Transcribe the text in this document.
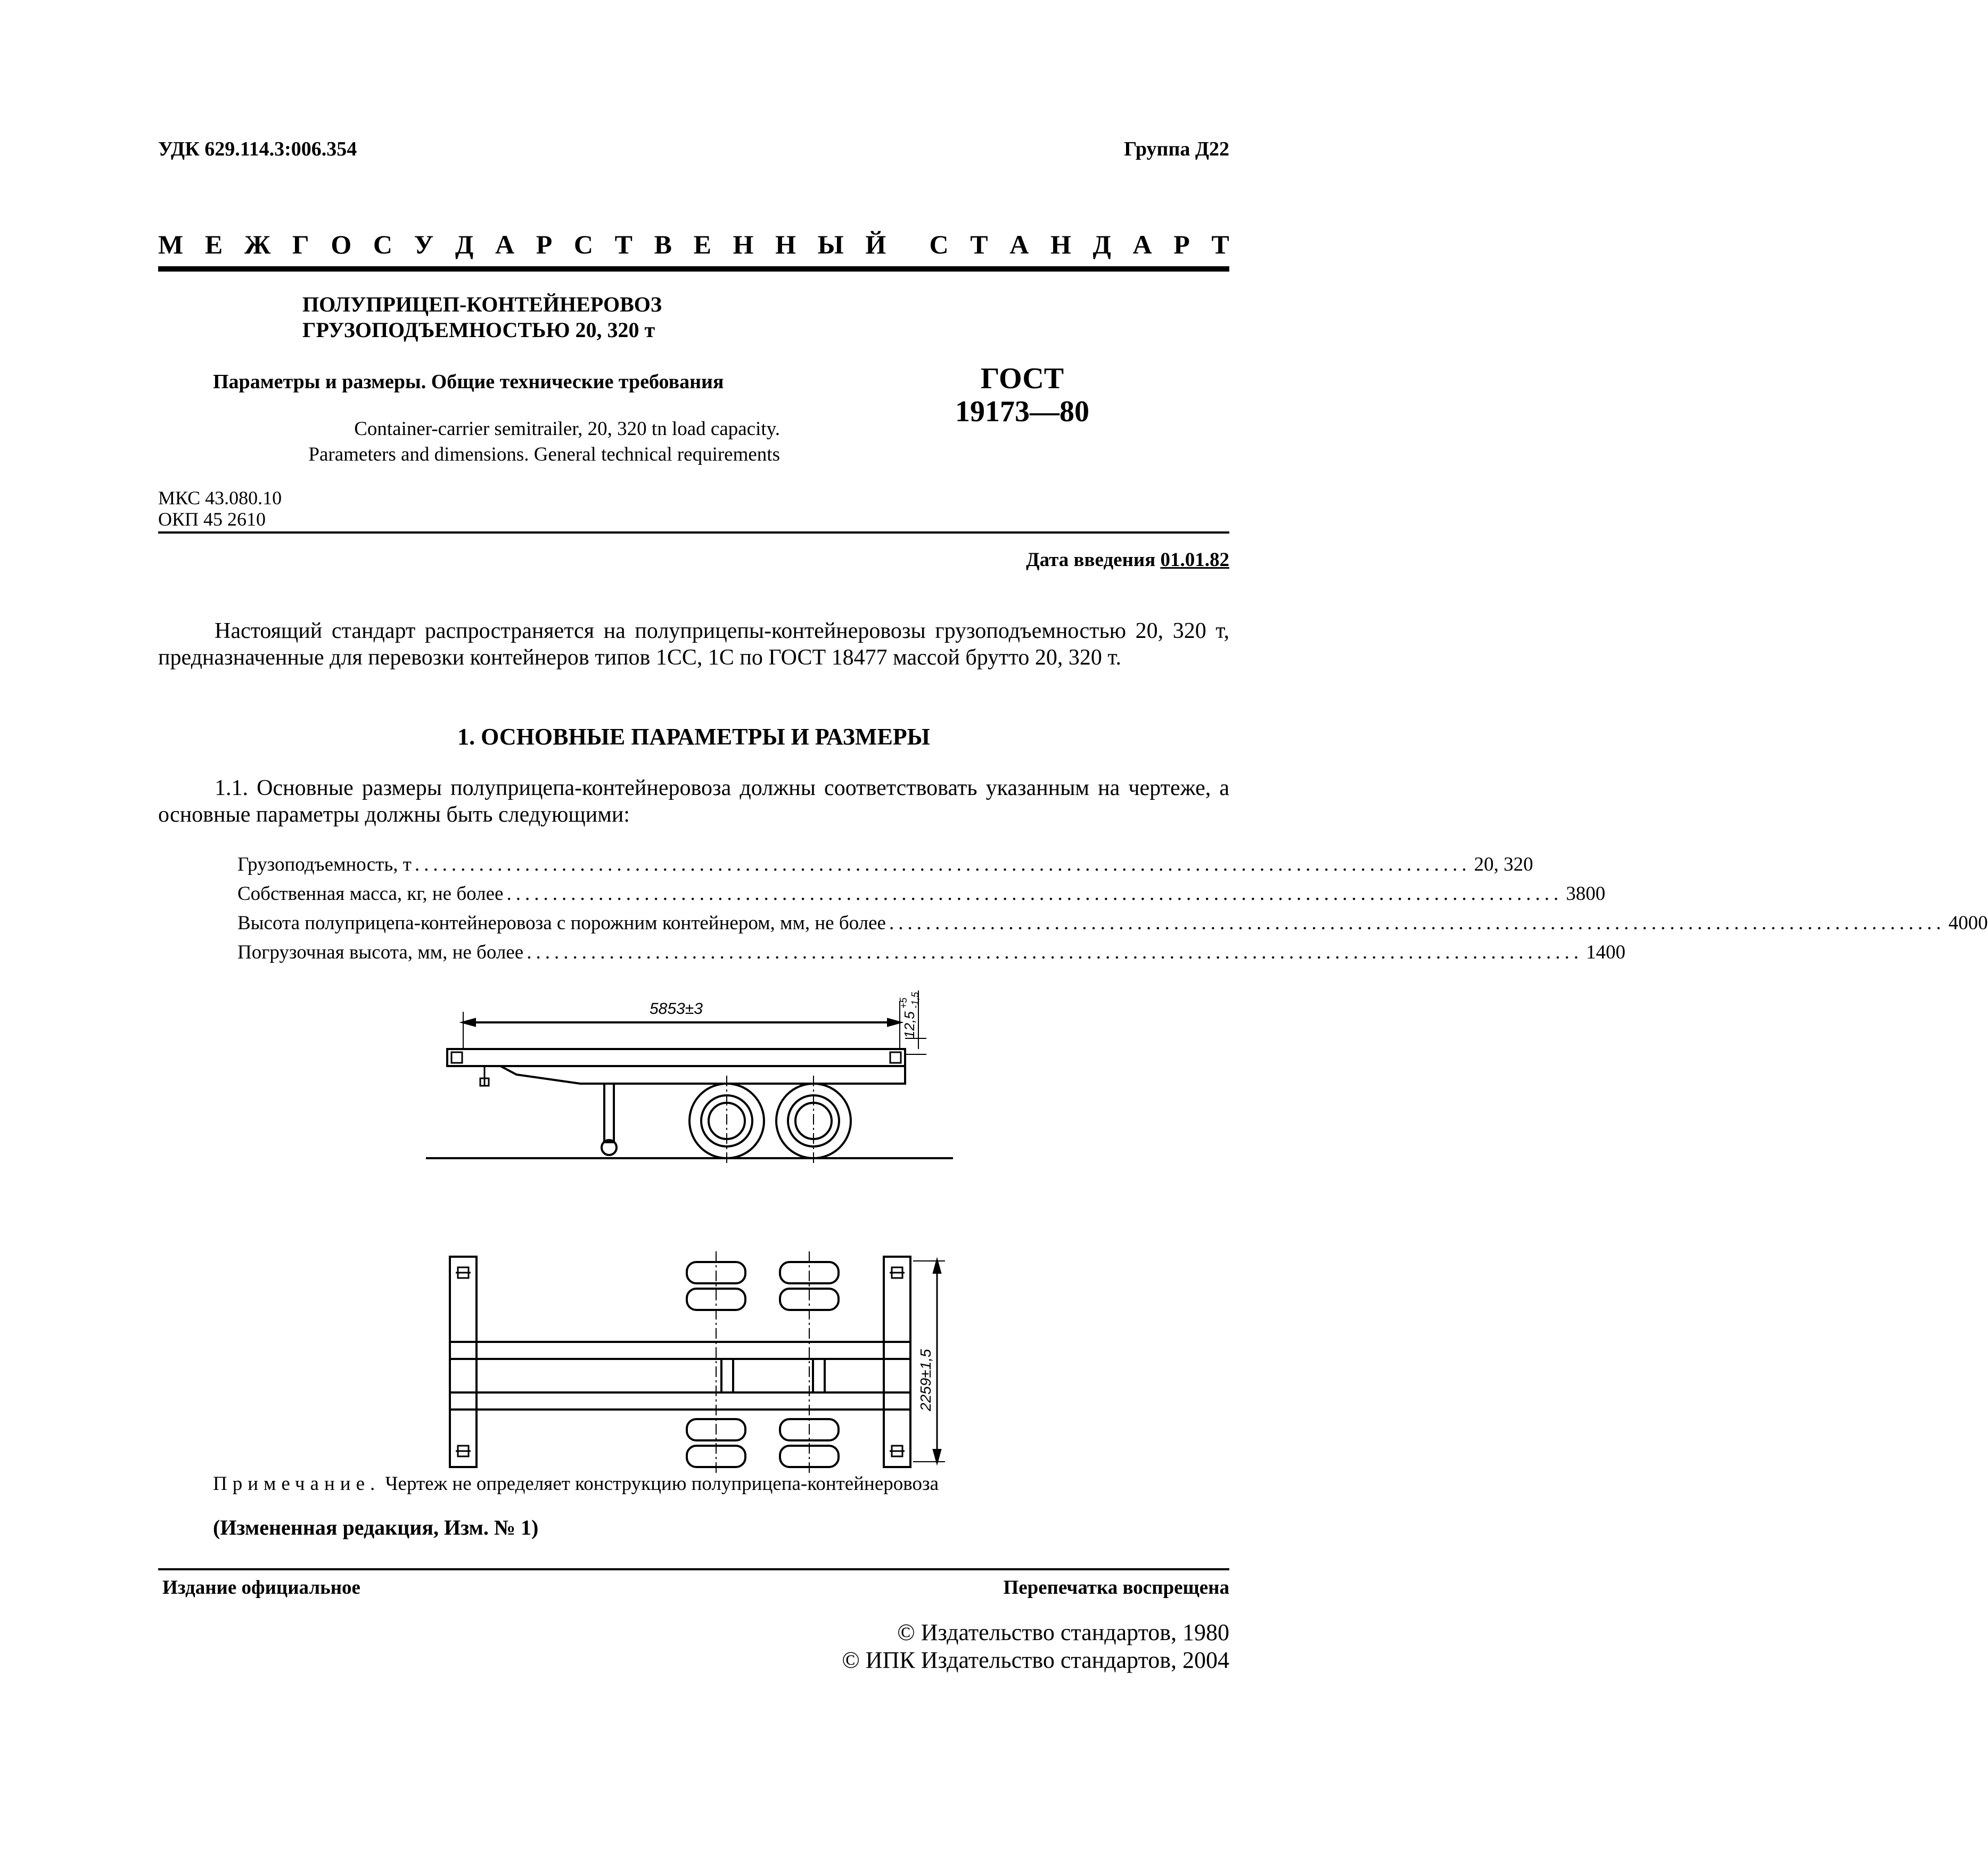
УДК 629.114.3:006.354	Группа Д22
М Е Ж Г О С У Д А Р С Т В Е Н Н Ы Й С Т А Н Д А Р Т
ПОЛУПРИЦЕП-КОНТЕЙНЕРОВОЗ
ГРУЗОПОДЪЕМНОСТЬЮ 20, 320 т
Параметры и размеры. Общие технические требования
Container-carrier semitrailer, 20, 320 tn load capacity.
Parameters and dimensions. General technical requirements
ГОСТ
19173—80
МКС 43.080.10
ОКП 45 2610
Дата введения 01.01.82
Настоящий стандарт распространяется на полуприцепы-контейнеровозы грузоподъемностью 20, 320 т, предназначенные для перевозки контейнеров типов 1СС, 1С по ГОСТ 18477 массой брутто 20, 320 т.
1. ОСНОВНЫЕ ПАРАМЕТРЫ И РАЗМЕРЫ
1.1. Основные размеры полуприцепа-контейнеровоза должны соответствовать указанным на чертеже, а основные параметры должны быть следующими:
Грузоподъемность, т ................................................................................................................... 20, 320
Собственная масса, кг, не более ................................................................................................................... 3800
Высота полуприцепа-контейнеровоза с порожним контейнером, мм, не более ................................................................................................................... 4000
Погрузочная высота, мм, не более ................................................................................................................... 1400
5853±3
12,5
+5 -1,5
2259±1,5
Примечание. Чертеж не определяет конструкцию полуприцепа-контейнеровоза
(Измененная редакция, Изм. № 1)
Издание официальное	Перепечатка воспрещена
© Издательство стандартов, 1980
© ИПК Издательство стандартов, 2004
